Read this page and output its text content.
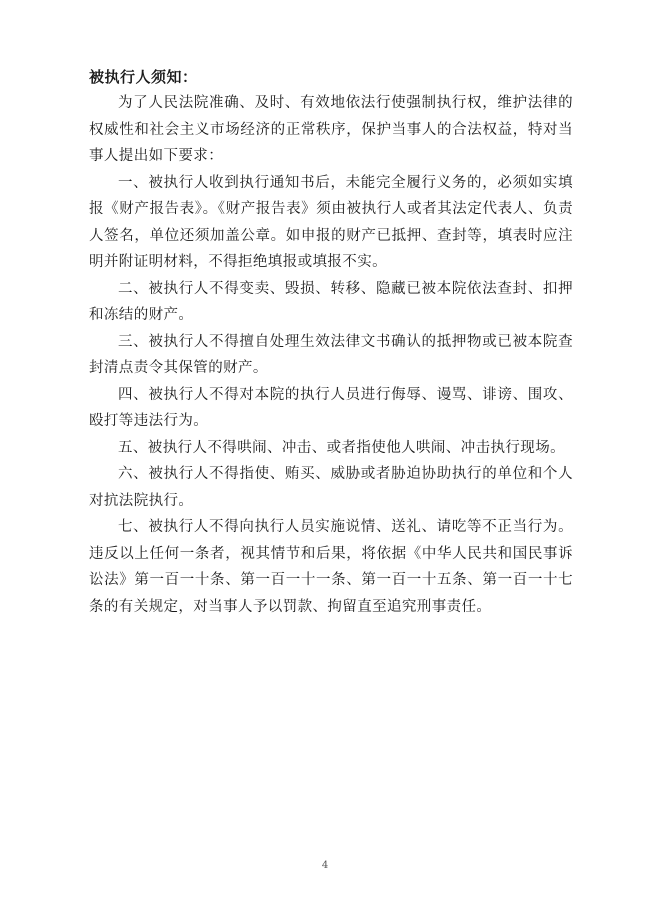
被执行人须知：

为了人民法院准确、及时、有效地依法行使强制执行权，维护法律的权威性和社会主义市场经济的正常秩序，保护当事人的合法权益，特对当事人提出如下要求：

一、被执行人收到执行通知书后，未能完全履行义务的，必须如实填报《财产报告表》。《财产报告表》须由被执行人或者其法定代表人、负责人签名，单位还须加盖公章。如申报的财产已抵押、查封等，填表时应注明并附证明材料，不得拒绝填报或填报不实。

二、被执行人不得变卖、毁损、转移、隐藏已被本院依法查封、扣押和冻结的财产。

三、被执行人不得擅自处理生效法律文书确认的抵押物或已被本院查封清点责令其保管的财产。

四、被执行人不得对本院的执行人员进行侮辱、谩骂、诽谤、围攻、殴打等违法行为。

五、被执行人不得哄闹、冲击、或者指使他人哄闹、冲击执行现场。

六、被执行人不得指使、贿买、威胁或者胁迫协助执行的单位和个人对抗法院执行。

七、被执行人不得向执行人员实施说情、送礼、请吃等不正当行为。违反以上任何一条者，视其情节和后果，将依据《中华人民共和国民事诉讼法》第一百一十条、第一百一十一条、第一百一十五条、第一百一十七条的有关规定，对当事人予以罚款、拘留直至追究刑事责任。

4
